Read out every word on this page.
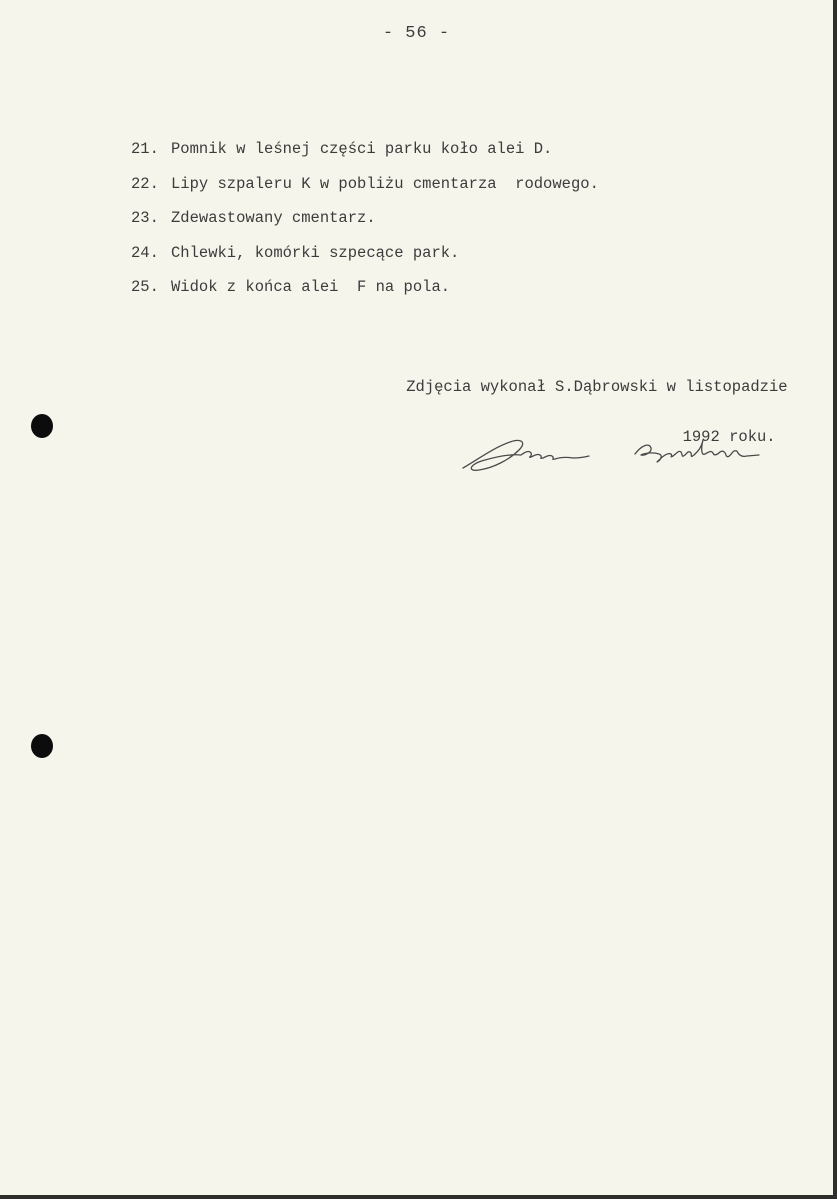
- 56 -
21. Pomnik w leśnej części parku koło alei D.
22. Lipy szpaleru K w pobliżu cmentarza  rodowego.
23. Zdewastowany cmentarz.
24. Chlewki, komórki szpecące park.
25. Widok z końca alei  F na pola.

Zdjęcia wykonał S.Dąbrowski w listopadzie

1992 roku.
